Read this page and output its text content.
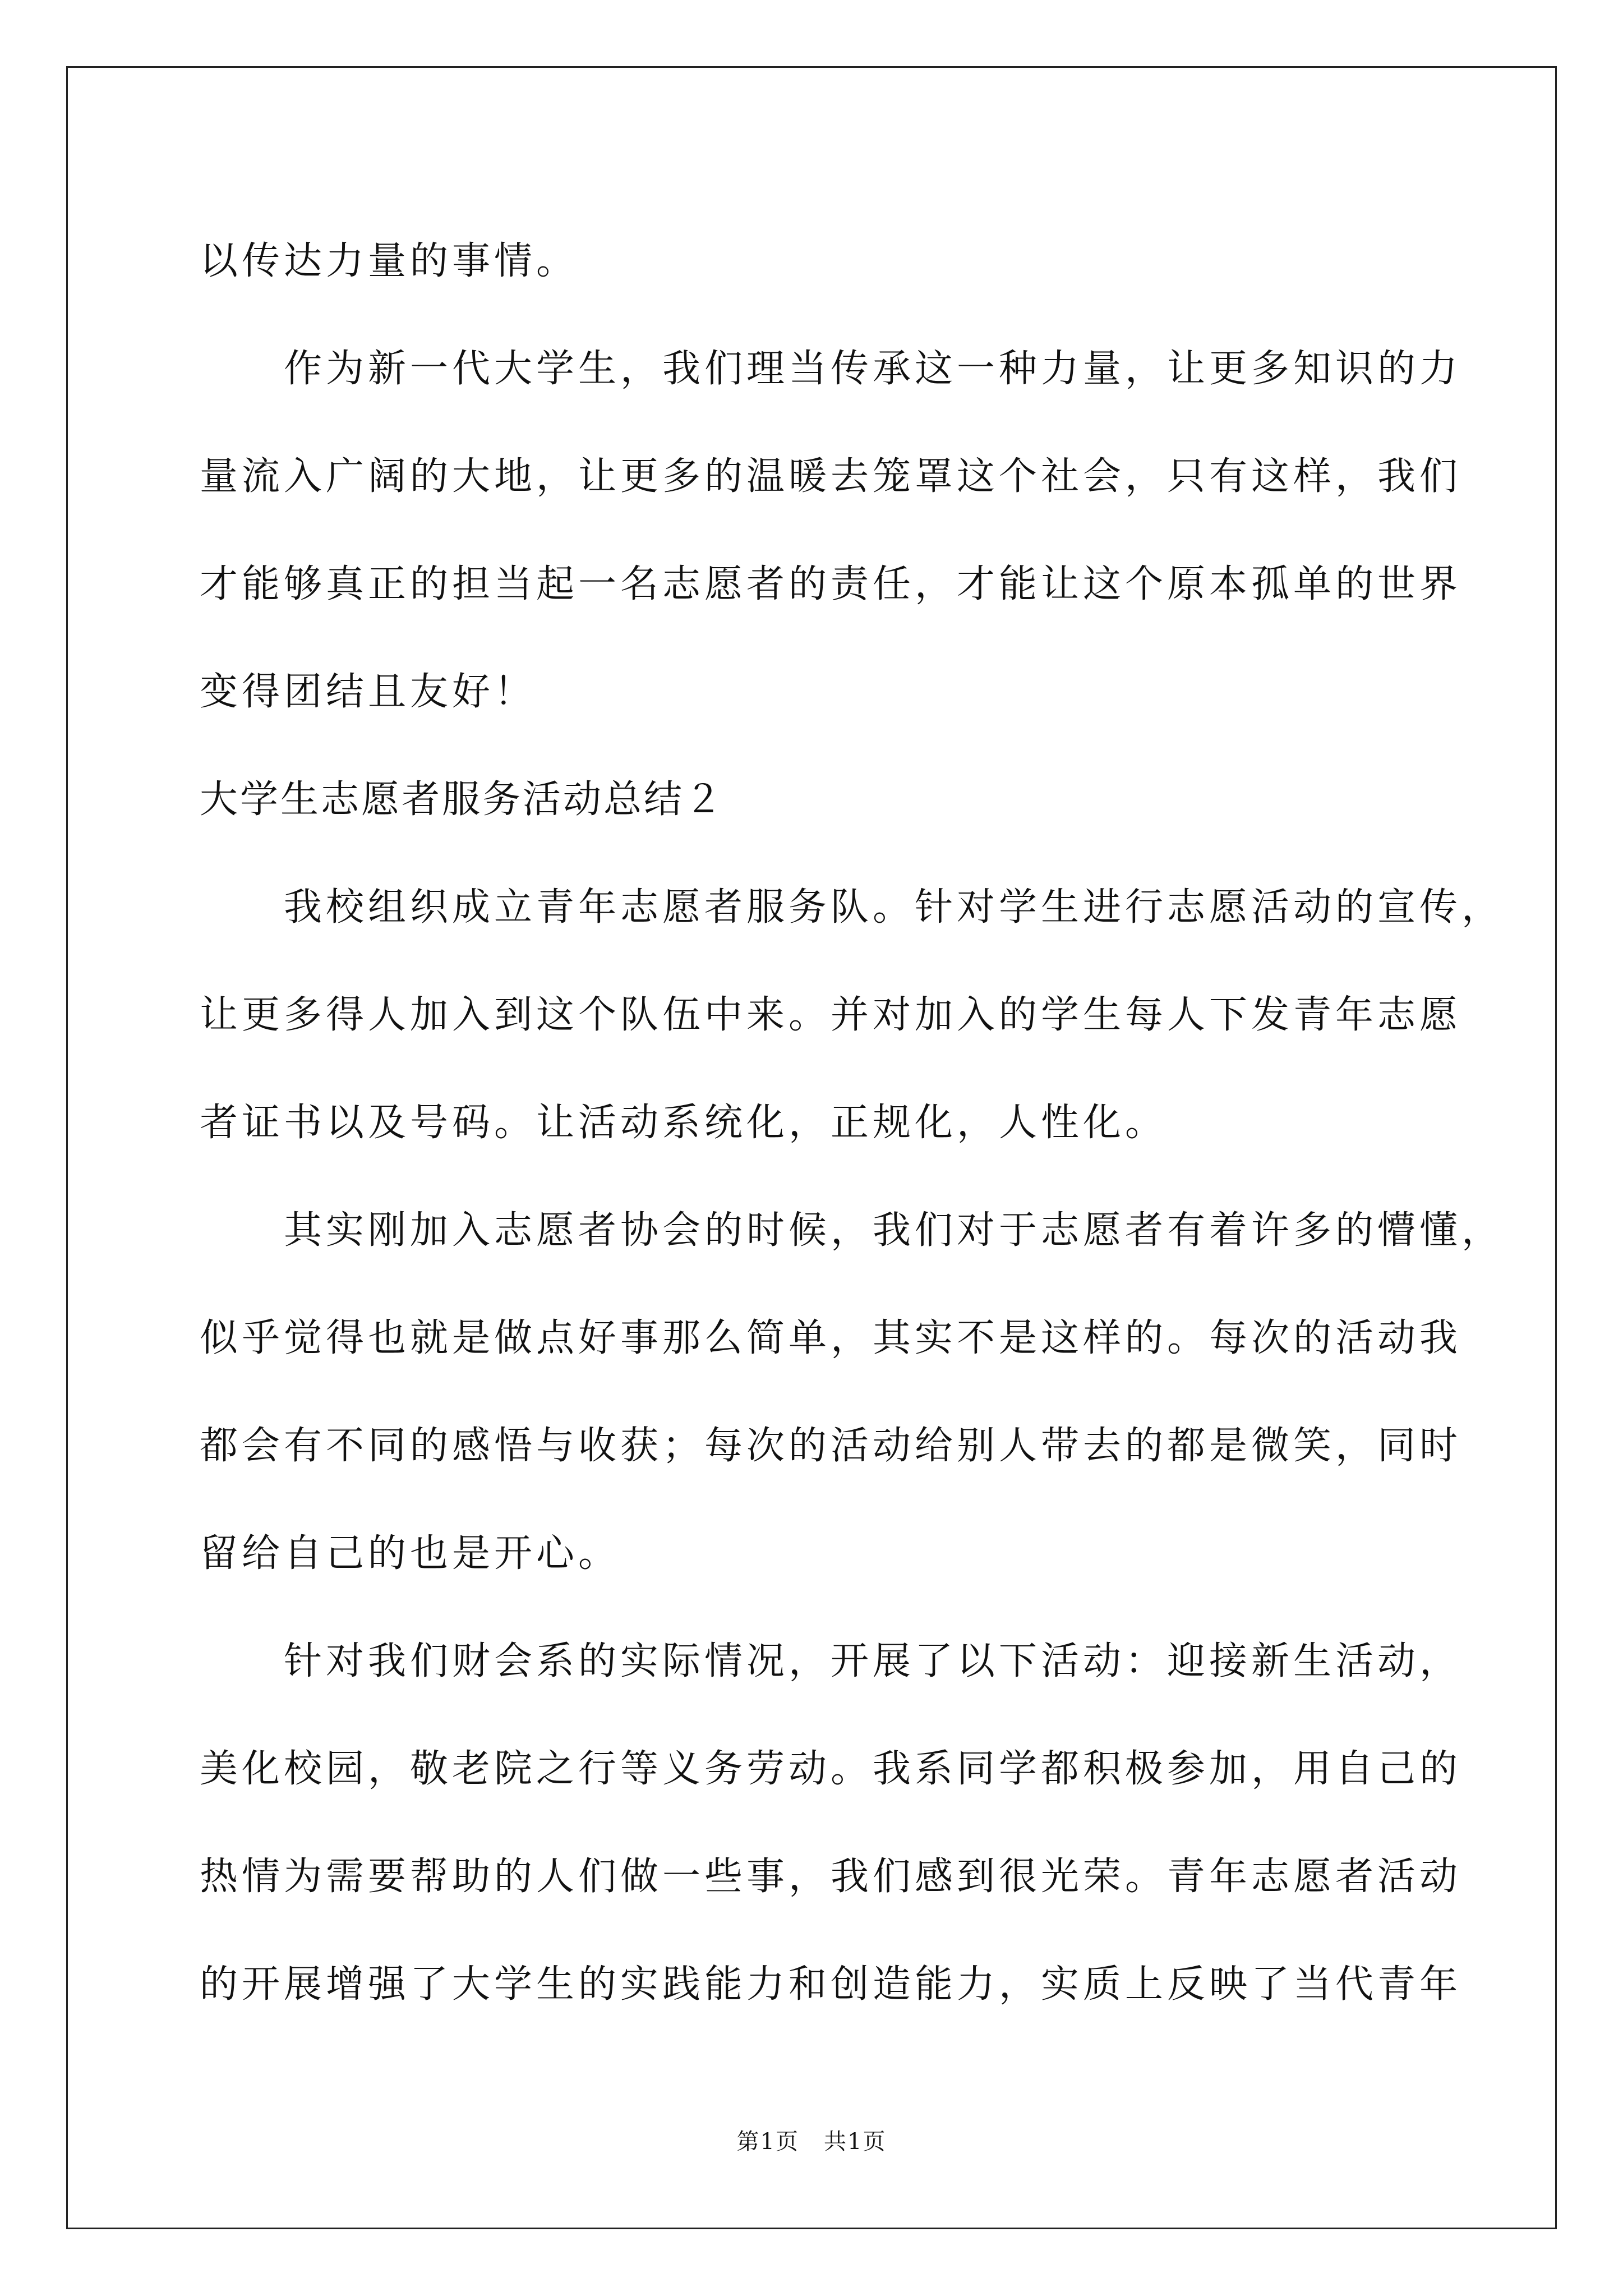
以传达力量的事情。
作为新一代大学生，我们理当传承这一种力量，让更多知识的力
量流入广阔的大地，让更多的温暖去笼罩这个社会，只有这样，我们
才能够真正的担当起一名志愿者的责任，才能让这个原本孤单的世界
变得团结且友好！
大学生志愿者服务活动总结２
我校组织成立青年志愿者服务队。针对学生进行志愿活动的宣传，
让更多得人加入到这个队伍中来。并对加入的学生每人下发青年志愿
者证书以及号码。让活动系统化，正规化，人性化。
其实刚加入志愿者协会的时候，我们对于志愿者有着许多的懵懂，
似乎觉得也就是做点好事那么简单，其实不是这样的。每次的活动我
都会有不同的感悟与收获；每次的活动给别人带去的都是微笑，同时
留给自己的也是开心。
针对我们财会系的实际情况，开展了以下活动：迎接新生活动，
美化校园，敬老院之行等义务劳动。我系同学都积极参加，用自己的
热情为需要帮助的人们做一些事，我们感到很光荣。青年志愿者活动
的开展增强了大学生的实践能力和创造能力，实质上反映了当代青年
第1页 共1页
